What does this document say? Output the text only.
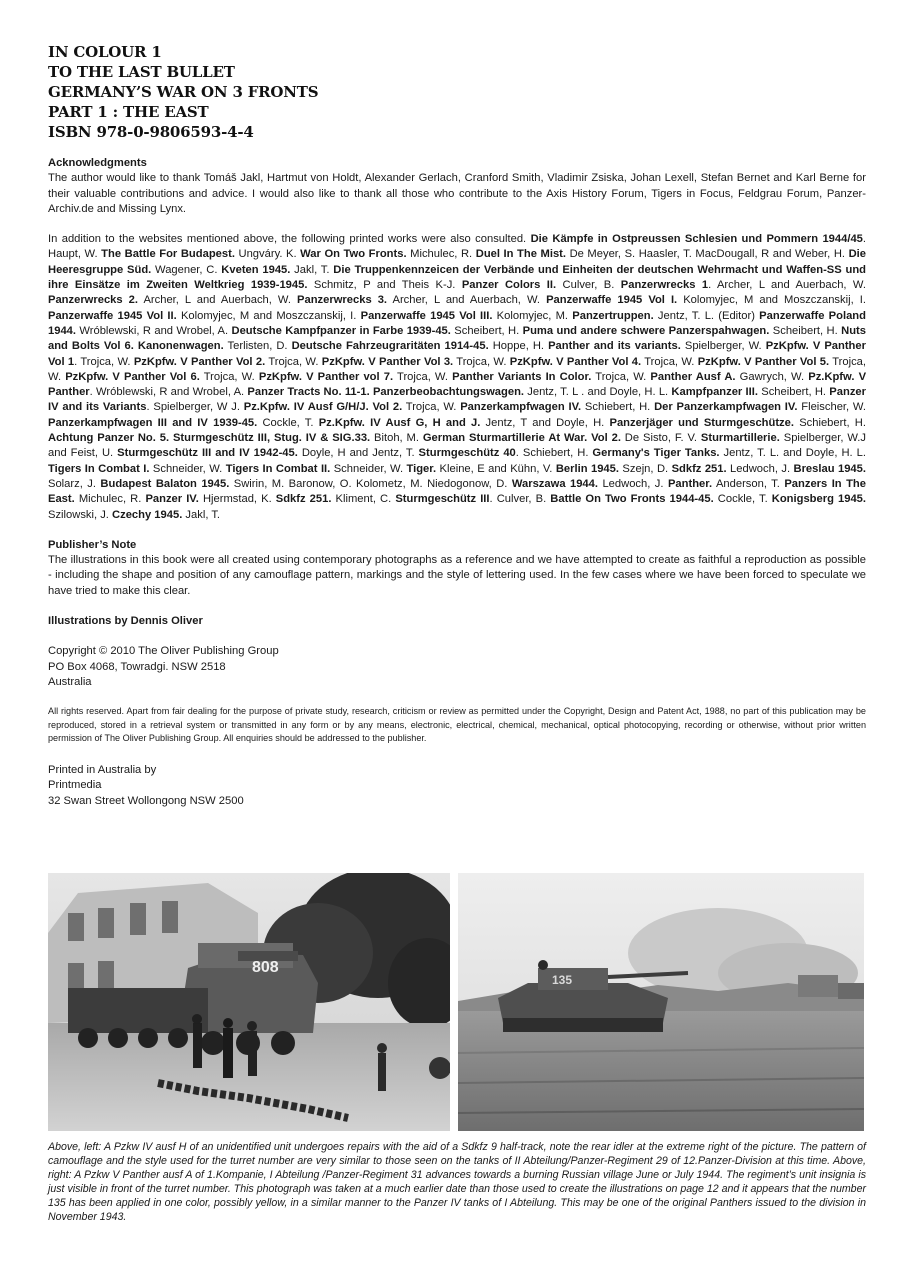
IN COLOUR 1
TO THE LAST BULLET
GERMANY’S WAR ON 3 FRONTS
PART 1 : THE EAST
ISBN 978-0-9806593-4-4
Acknowledgments

The author would like to thank Tomáš Jakl, Hartmut von Holdt, Alexander Gerlach, Cranford Smith, Vladimir Zsiska, Johan Lexell, Stefan Bernet and Karl Berne for their valuable contributions and advice. I would also like to thank all those who contribute to the Axis History Forum, Tigers in Focus, Feldgrau Forum, Panzer-Archiv.de and Missing Lynx.

In addition to the websites mentioned above, the following printed works were also consulted. Die Kämpfe in Ostpreussen Schlesien und Pommern 1944/45. Haupt, W. The Battle For Budapest. Ungváry. K. War On Two Fronts. Michulec, R. Duel In The Mist. De Meyer, S. Haasler, T. MacDougall, R and Weber, H. Die Heeresgruppe Süd. Wagener, C. Kveten 1945. Jakl, T. Die Truppenkennzeicen der Verbände und Einheiten der deutschen Wehrmacht und Waffen-SS und ihre Einsätze im Zweiten Weltkrieg 1939-1945. Schmitz, P and Theis K-J. Panzer Colors II. Culver, B. Panzerwrecks 1. Archer, L and Auerbach, W. Panzerwrecks 2. Archer, L and Auerbach, W. Panzerwrecks 3. Archer, L and Auerbach, W. Panzerwaffe 1945 Vol I. Kolomyjec, M and Moszczanskij, I. Panzerwaffe 1945 Vol II. Kolomyjec, M and Moszczanskij, I. Panzerwaffe 1945 Vol III. Kolomyjec, M. Panzertruppen. Jentz, T. L. (Editor) Panzerwaffe Poland 1944. Wróblewski, R and Wrobel, A. Deutsche Kampfpanzer in Farbe 1939-45. Scheibert, H. Puma und andere schwere Panzerspahwagen. Scheibert, H. Nuts and Bolts Vol 6. Kanonenwagen. Terlisten, D. Deutsche Fahrzeugraritäten 1914-45. Hoppe, H. Panther and its variants. Spielberger, W. PzKpfw. V Panther Vol 1. Trojca, W. PzKpfw. V Panther Vol 2. Trojca, W. PzKpfw. V Panther Vol 3. Trojca, W. PzKpfw. V Panther Vol 4. Trojca, W. PzKpfw. V Panther Vol 5. Trojca, W. PzKpfw. V Panther Vol 6. Trojca, W. PzKpfw. V Panther vol 7. Trojca, W. Panther Variants In Color. Trojca, W. Panther Ausf A. Gawrych, W. Pz.Kpfw. V Panther. Wróblewski, R and Wrobel, A. Panzer Tracts No. 11-1. Panzerbeobachtungswagen. Jentz, T. L . and Doyle, H. L. Kampfpanzer III. Scheibert, H. Panzer IV and its Variants. Spielberger, W J. Pz.Kpfw. IV Ausf G/H/J. Vol 2. Trojca, W. Panzerkampfwagen IV. Schiebert, H. Der Panzerkampfwagen IV. Fleischer, W. Panzerkampfwagen III and IV 1939-45. Cockle, T. Pz.Kpfw. IV Ausf G, H and J. Jentz, T and Doyle, H. Panzerjäger und Sturmgeschütze. Schiebert, H. Achtung Panzer No. 5. Sturmgeschütz III, Stug. IV & SIG.33. Bitoh, M. German Sturmartillerie At War. Vol 2. De Sisto, F. V. Sturmartillerie. Spielberger, W.J and Feist, U. Sturmgeschütz III and IV 1942-45. Doyle, H and Jentz, T. Sturmgeschütz 40. Schiebert, H. Germany's Tiger Tanks. Jentz, T. L. and Doyle, H. L. Tigers In Combat I. Schneider, W. Tigers In Combat II. Schneider, W. Tiger. Kleine, E and Kühn, V. Berlin 1945. Szejn, D. Sdkfz 251. Ledwoch, J. Breslau 1945. Solarz, J. Budapest Balaton 1945. Swirin, M. Baronow, O. Kolometz, M. Niedogonow, D. Warszawa 1944. Ledwoch, J. Panther. Anderson, T. Panzers In The East. Michulec, R. Panzer IV. Hjermstad, K. Sdkfz 251. Kliment, C. Sturmgeschütz III. Culver, B. Battle On Two Fronts 1944-45. Cockle, T. Konigsberg 1945. Szilowski, J. Czechy 1945. Jakl, T.

Publisher’s Note

The illustrations in this book were all created using contemporary photographs as a reference and we have attempted to create as faithful a reproduction as possible - including the shape and position of any camouflage pattern, markings and the style of lettering used. In the few cases where we have been forced to speculate we have tried to make this clear.

Illustrations by Dennis Oliver
Copyright © 2010 The Oliver Publishing Group
PO Box 4068, Towradgi. NSW 2518
Australia

All rights reserved. Apart from fair dealing for the purpose of private study, research, criticism or review as permitted under the Copyright, Design and Patent Act, 1988, no part of this publication may be reproduced, stored in a retrieval system or transmitted in any form or by any means, electronic, electrical, chemical, mechanical, optical photocopying, recording or otherwise, without prior written permission of The Oliver Publishing Group. All enquiries should be addressed to the publisher.

Printed in Australia by
Printmedia
32 Swan Street Wollongong NSW 2500
808
135

Above, left: A Pzkw IV ausf H of an unidentified unit undergoes repairs with the aid of a Sdkfz 9 half-track, note the rear idler at the extreme right of the picture. The pattern of camouflage and the style used for the turret number are very similar to those seen on the tanks of II Abteilung/Panzer-Regiment 29 of 12.Panzer-Division at this time. Above, right: A Pzkw V Panther ausf A of 1.Kompanie, I Abteilung /Panzer-Regiment 31 advances towards a burning Russian village June or July 1944. The regiment’s unit insignia is just visible in front of the turret number. This photograph was taken at a much earlier date than those used to create the illustrations on page 12 and it appears that the number 135 has been applied in one color, possibly yellow, in a similar manner to the Panzer IV tanks of I Abteilung. This may be one of the original Panthers issued to the division in November 1943.
